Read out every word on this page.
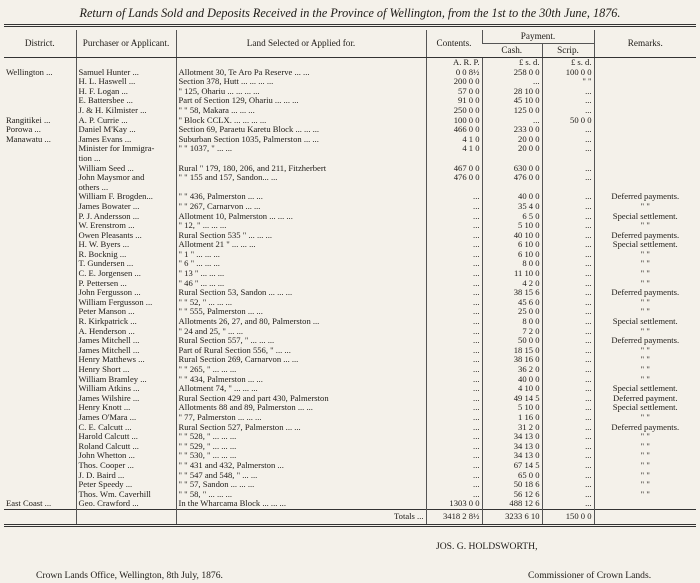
Return of Lands Sold and Deposits Received in the Province of Wellington, from the 1st to the 30th June, 1876.
District.	Purchaser or Applicant.	Land Selected or Applied for.	Contents.	Payment.		Remarks.
				Cash.	Scrip.	
			A. R. P.	£ s. d.	£ s. d.	
Wellington ...	Samuel Hunter ...	Allotment 30, Te Aro Pa Reserve ... ...	0 0 8½	258 0 0	100 0 0	
	H. L. Haswell ...	Section 378, Hutt ... ... ... ...	200 0 0	...	" "	
	H. F. Logan ...	" 125, Ohariu ... ... ... ...	57 0 0	28 10 0	...	
	E. Battersbee ...	Part of Section 129, Ohariu ... ... ...	91 0 0	45 10 0	...	
	J. & H. Kilmister ...	" " 58, Makara ... ... ...	250 0 0	125 0 0	...	
Rangitikei ...	A. P. Currie ...	" Block CCLX. ... ... ... ...	100 0 0	...	50 0 0	
Porowa ...	Daniel M'Kay ...	Section 69, Paraetu Karetu Block ... ... ...	466 0 0	233 0 0	...	
Manawatu ...	James Evans ...	Suburban Section 1035, Palmerston ... ...	4 1 0	20 0 0	...	
	Minister for Immigra-	" " 1037, " ... ...	4 1 0	20 0 0	...	
	tion ...					
	William Seed ...	Rural " 179, 180, 206, and 211, Fitzherbert	467 0 0	630 0 0	...	
	John Maysmor and	" " 155 and 157, Sandon... ...	476 0 0	476 0 0	...	
	others ...					
	William F. Brogden...	" " 436, Palmerston ... ...	...	40 0 0	...	Deferred payments.
	James Bowater ...	" " 267, Carnarvon ... ...	...	35 4 0	...	" "
	P. J. Andersson ...	Allotment 10, Palmerston ... ... ...	...	6 5 0	...	Special settlement.
	W. Erenstrom ...	" 12, " ... ... ...	...	5 10 0	...	" "
	Owen Pleasants ...	Rural Section 535 " ... ... ...	...	40 10 0	...	Deferred payments.
	H. W. Byers ...	Allotment 21 " ... ... ...	...	6 10 0	...	Special settlement.
	R. Bocknig ...	" 1 " ... ... ...	...	6 10 0	...	" "
	T. Gundersen ...	" 6 " ... ... ...	...	8 0 0	...	" "
	C. E. Jorgensen ...	" 13 " ... ... ...	...	11 10 0	...	" "
	P. Pettersen ...	" 46 " ... ... ...	...	4 2 0	...	" "
	John Fergusson ...	Rural Section 53, Sandon ... ... ...	...	38 15 6	...	Deferred payments.
	William Fergusson ...	" " 52, " ... ... ...	...	45 6 0	...	" "
	Peter Manson ...	" " 555, Palmerston ... ...	...	25 0 0	...	" "
	R. Kirkpatrick ...	Allotments 26, 27, and 80, Palmerston ...	...	8 0 0	...	Special settlement.
	A. Henderson ...	" 24 and 25, " ... ...	...	7 2 0	...	" "
	James Mitchell ...	Rural Section 557, " ... ... ...	...	50 0 0	...	Deferred payments.
	James Mitchell ...	Part of Rural Section 556, " ... ...	...	18 15 0	...	" "
	Henry Matthews ...	Rural Section 269, Carnarvon ... ...	...	38 16 0	...	" "
	Henry Short ...	" " 265, " ... ... ...	...	36 2 0	...	" "
	William Bramley ...	" " 434, Palmerston ... ...	...	40 0 0	...	" "
	William Atkins ...	Allotment 74, " ... ... ...	...	4 10 0	...	Special settlement.
	James Wilshire ...	Rural Section 429 and part 430, Palmerston	...	49 14 5	...	Deferred payment.
	Henry Knott ...	Allotments 88 and 89, Palmerston ... ...	...	5 10 0	...	Special settlement.
	James O'Mara ...	" 77, Palmerston ... ... ...	...	1 16 0	...	" "
	C. E. Calcutt ...	Rural Section 527, Palmerston ... ...	...	31 2 0	...	Deferred payments.
	Harold Calcutt ...	" " 528, " ... ... ...	...	34 13 0	...	" "
	Roland Calcutt ...	" " 529, " ... ... ...	...	34 13 0	...	" "
	John Whetton ...	" " 530, " ... ... ...	...	34 13 0	...	" "
	Thos. Cooper ...	" " 431 and 432, Palmerston ...	...	67 14 5	...	" "
	J. D. Baird ...	" " 547 and 548, " ... ...	...	65 0 0	...	" "
	Peter Speedy ...	" " 57, Sandon ... ... ...	...	50 18 6	...	" "
	Thos. Wm. Caverhill	" " 58, " ... ... ...	...	56 12 6	...	" "
East Coast ...	Geo. Crawford ...	In the Wharcama Block ... ... ...	1303 0 0	488 12 6	...	
		Totals ...	3418 2 8½	3233 6 10	150 0 0	
JOS. G. HOLDSWORTH,
Crown Lands Office, Wellington, 8th July, 1876.	Commissioner of Crown Lands.
